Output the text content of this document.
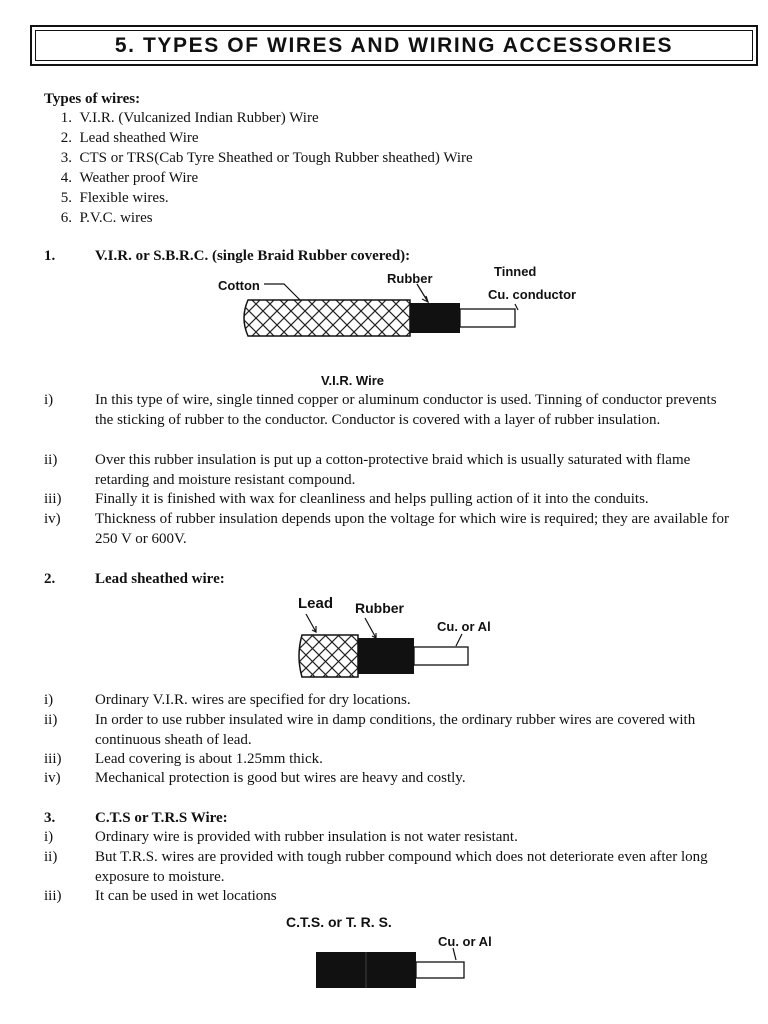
5. TYPES OF WIRES AND WIRING ACCESSORIES
Types of wires:
1. V.I.R. (Vulcanized Indian Rubber) Wire
2. Lead sheathed Wire
3. CTS or TRS(Cab Tyre Sheathed or Tough Rubber sheathed) Wire
4. Weather proof Wire
5. Flexible wires.
6. P.V.C. wires
1.	V.I.R. or S.B.R.C. (single Braid Rubber covered):
Cotton	Rubber	Tinned
Cu. conductor
V.I.R. Wire
i)	In this type of wire, single tinned copper or aluminum conductor is used. Tinning of conductor prevents the sticking of rubber to the conductor. Conductor is covered with a layer of rubber insulation.
ii)	Over this rubber insulation is put up a cotton-protective braid which is usually saturated with flame retarding and moisture resistant compound.
iii) Finally it is finished with wax for cleanliness and helps pulling action of it into the conduits.
iv) Thickness of rubber insulation depends upon the voltage for which wire is required; they are available for 250 V or 600V.
2.	Lead sheathed wire:
Lead Rubber
Cu. or Al
i)	Ordinary V.I.R. wires are specified for dry locations.
ii)	In order to use rubber insulated wire in damp conditions, the ordinary rubber wires are covered with continuous sheath of lead.
iii) Lead covering is about 1.25mm thick.
iv) Mechanical protection is good but wires are heavy and costly.
3.	C.T.S or T.R.S Wire:
i)	Ordinary wire is provided with rubber insulation is not water resistant.
ii)	But T.R.S. wires are provided with tough rubber compound which does not deteriorate even after long exposure to moisture.
iii) It can be used in wet locations
C.T.S. or T. R. S.
Cu. or Al
